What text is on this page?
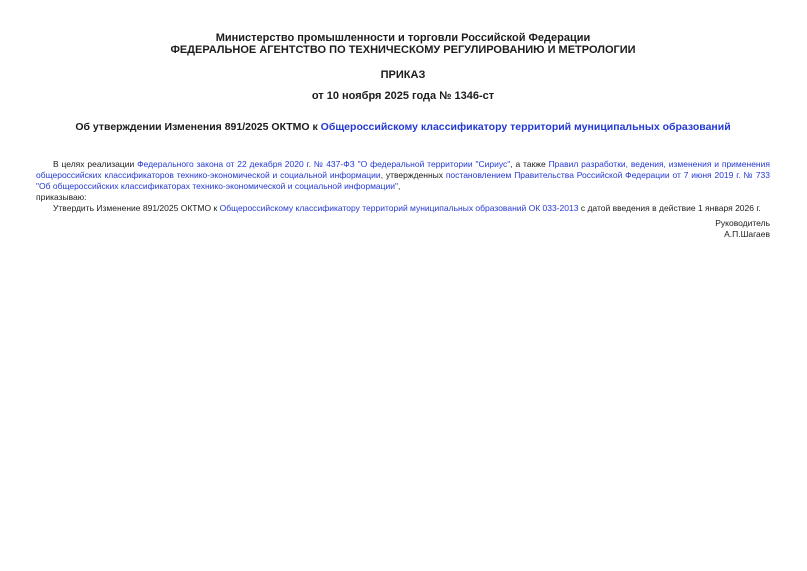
Министерство промышленности и торговли Российской Федерации
ФЕДЕРАЛЬНОЕ АГЕНТСТВО ПО ТЕХНИЧЕСКОМУ РЕГУЛИРОВАНИЮ И МЕТРОЛОГИИ
ПРИКАЗ
от 10 ноября 2025 года № 1346-ст
Об утверждении Изменения 891/2025 ОКТМО к Общероссийскому классификатору территорий муниципальных образований

В целях реализации Федерального закона от 22 декабря 2020 г. № 437-ФЗ "О федеральной территории "Сириус", а также Правил разработки, ведения, изменения и применения общероссийских классификаторов технико-экономической и социальной информации, утвержденных постановлением Правительства Российской Федерации от 7 июня 2019 г. № 733 "Об общероссийских классификаторах технико-экономической и социальной информации",

приказываю:

Утвердить Изменение 891/2025 ОКТМО к Общероссийскому классификатору территорий муниципальных образований ОК 033-2013 с датой введения в действие 1 января 2026 г.

Руководитель
А.П.Шагаев
